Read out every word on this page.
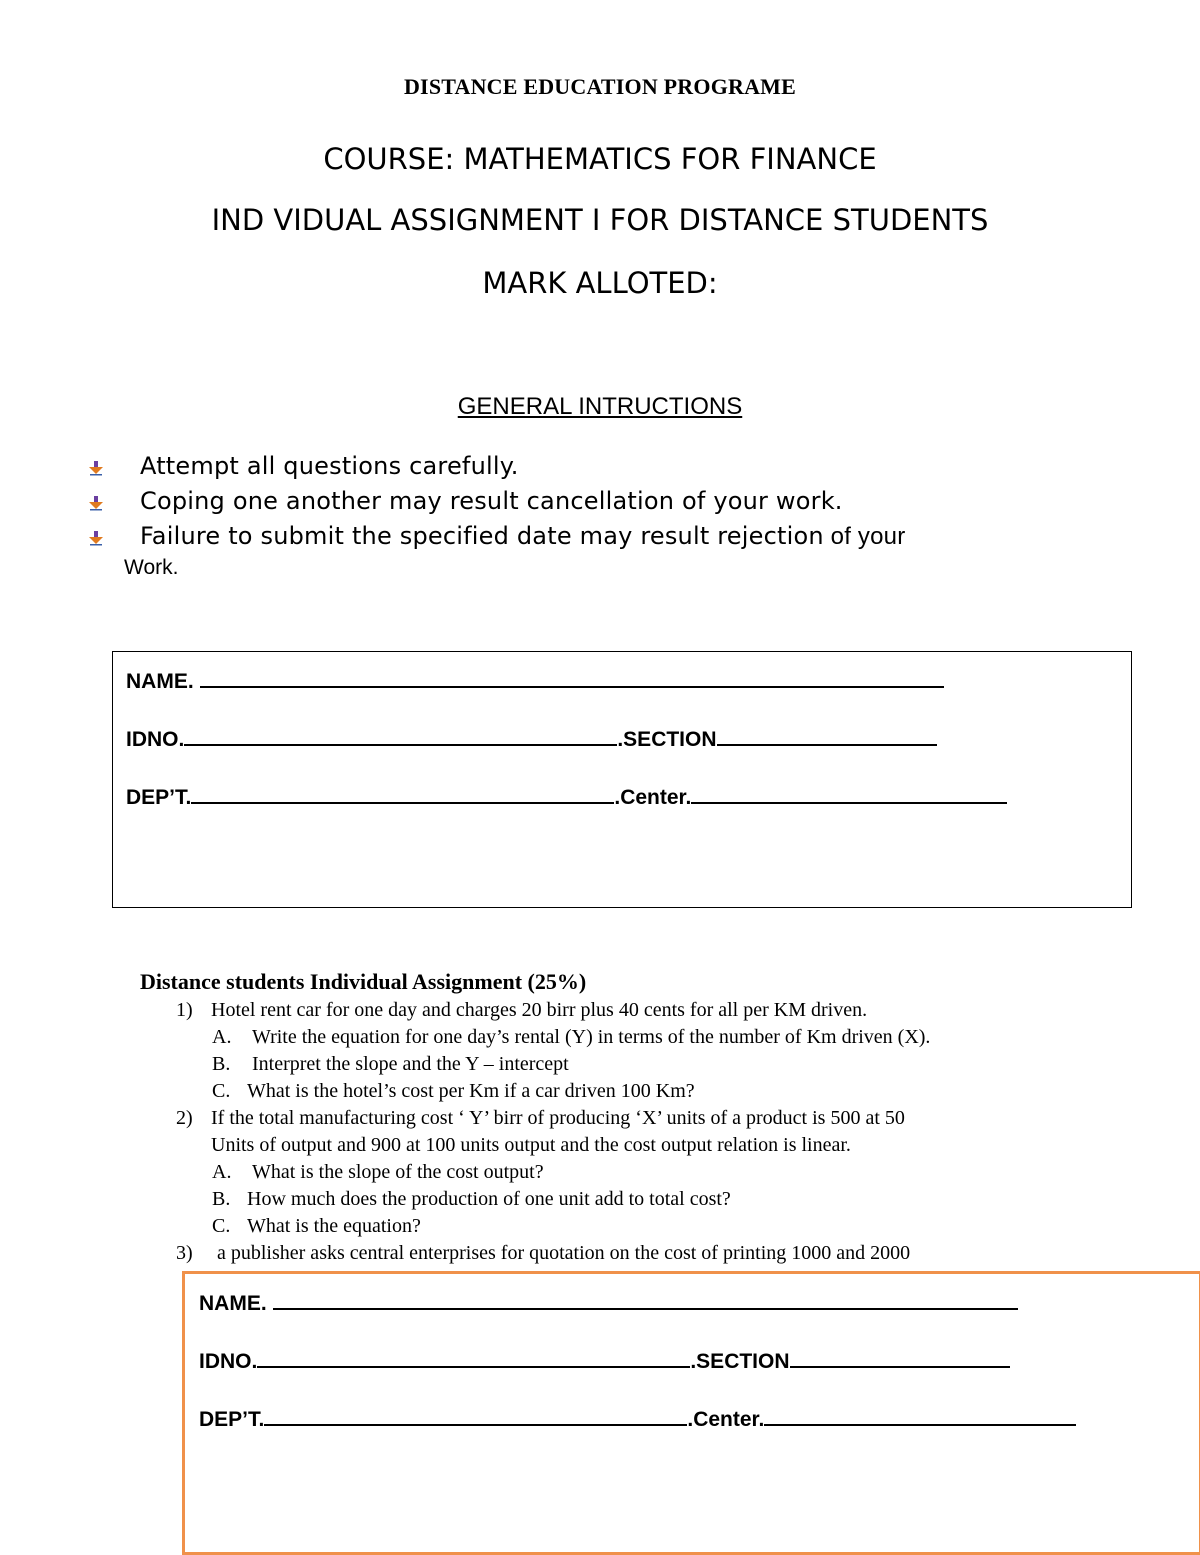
DISTANCE EDUCATION PROGRAME
COURSE: MATHEMATICS FOR FINANCE
IND VIDUAL ASSIGNMENT I FOR DISTANCE STUDENTS
MARK ALLOTED:
GENERAL INTRUCTIONS
Attempt all questions carefully.
Coping one another may result cancellation of your work.
Failure to submit the specified date may result rejection of your
Work.
NAME.
IDNO.	.SECTION
DEP’T.	.Center.
Distance students Individual Assignment (25%)
1) Hotel rent car for one day and charges 20 birr plus 40 cents for all per KM driven.
A. Write the equation for one day’s rental (Y) in terms of the number of Km driven (X).
B. Interpret the slope and the Y – intercept
C. What is the hotel’s cost per Km if a car driven 100 Km?
2) If the total manufacturing cost ‘ Y’ birr of producing ‘X’ units of a product is 500 at 50
Units of output and 900 at 100 units output and the cost output relation is linear.
A. What is the slope of the cost output?
B. How much does the production of one unit add to total cost?
C. What is the equation?
3) a publisher asks central enterprises for quotation on the cost of printing 1000 and 2000
NAME.
IDNO.	.SECTION
DEP’T.	.Center.
